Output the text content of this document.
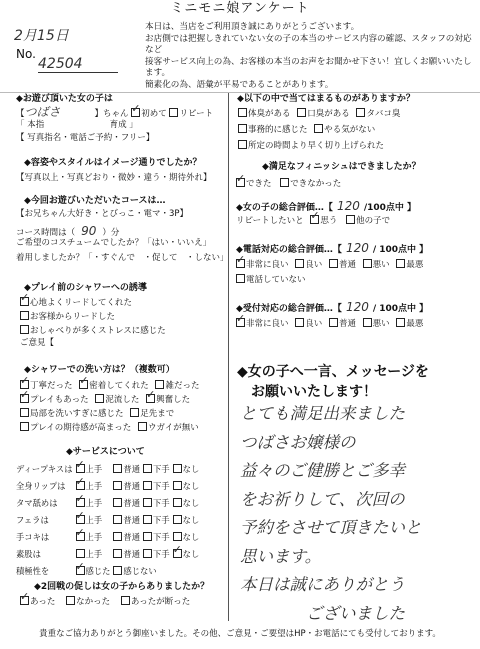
ミニモニ娘アンケート
本日は、当店をご利用頂き誠にありがとうございます。
お店側では把握しきれていない女の子の本当のサービス内容の確認、スタッフの対応など
接客サービス向上の為、お客様の本当のお声をお聞かせ下さい！宜しくお願いいたします。
簡素化の為、語彙が平易であることがあります。
2月15日
No.
42504
◆お遊び頂いた女の子は
【つばさ	】ちゃん ✓ 初めて リピート
「 本指	育成 」
【 写真指名・電話ご予約・フリー】
◆容姿やスタイルはイメージ通りでしたか？
【写真以上・写真どおり・微妙・違う・期待外れ】
◆今回お遊びいただいたコースは…
【お兄ちゃん大好き・とびっこ・電マ・3P】
コース時間は（ 90 ）分
ご希望のコスチュームでしたか？「はい・いいえ」
着用しましたか？「・すぐんで　・促して　・しない」
◆プレイ前のシャワーへの誘導
✓心地よくリードしてくれた
お客様からリードした
おしゃべりが多くストレスに感じた
ご意見【
◆シャワーでの洗い方は？（複数可）
✓丁寧だった ✓ 密着してくれた 雑だった
✓プレイもあった 泥流した ✓ 興奮した
局部を洗いすぎに感じた 足先まで
プレイの期待感が高まった ウガイが無い
◆サービスについて
ディープキスは	✓上手	普通	下手	なし
全身リップは	✓上手	普通	下手	なし
タマ舐めは	✓上手	普通	下手	なし
フェラは	✓上手	普通	下手	なし
手コキは	✓上手	普通	下手	なし
素股は	上手	普通	下手	✓なし
積極性を	✓感じた	感じない		
◆2回戦の促しは女の子からありましたか？
✓あった なかった あったが断った
◆以下の中で当てはまるものがありますか？
体臭がある 口臭がある タバコ臭
事務的に感じた やる気がない
所定の時間より早く切り上げられた
◆満足なフィニッシュはできましたか？
✓できた できなかった
◆女の子の総合評価…【 120 /100点中 】
リピートしたいと ✓ 思う 他の子で
◆電話対応の総合評価…【 120 / 100点中 】
✓非常に良い 良い 普通 悪い 最悪
電話していない
◆受付対応の総合評価…【 120 / 100点中 】
✓非常に良い 良い 普通 悪い 最悪
◆女の子へ一言、メッセージを
　お願いいたします！
とても満足出来ました
つばさお嬢様の
益々のご健勝とご多幸
をお祈りして、次回の
予約をさせて頂きたいと
思います。
本日は誠にありがとう
　　　　ございました
貴重なご協力ありがとう御座いました。その他、ご意見・ご要望はHP・お電話にても受付しております。
